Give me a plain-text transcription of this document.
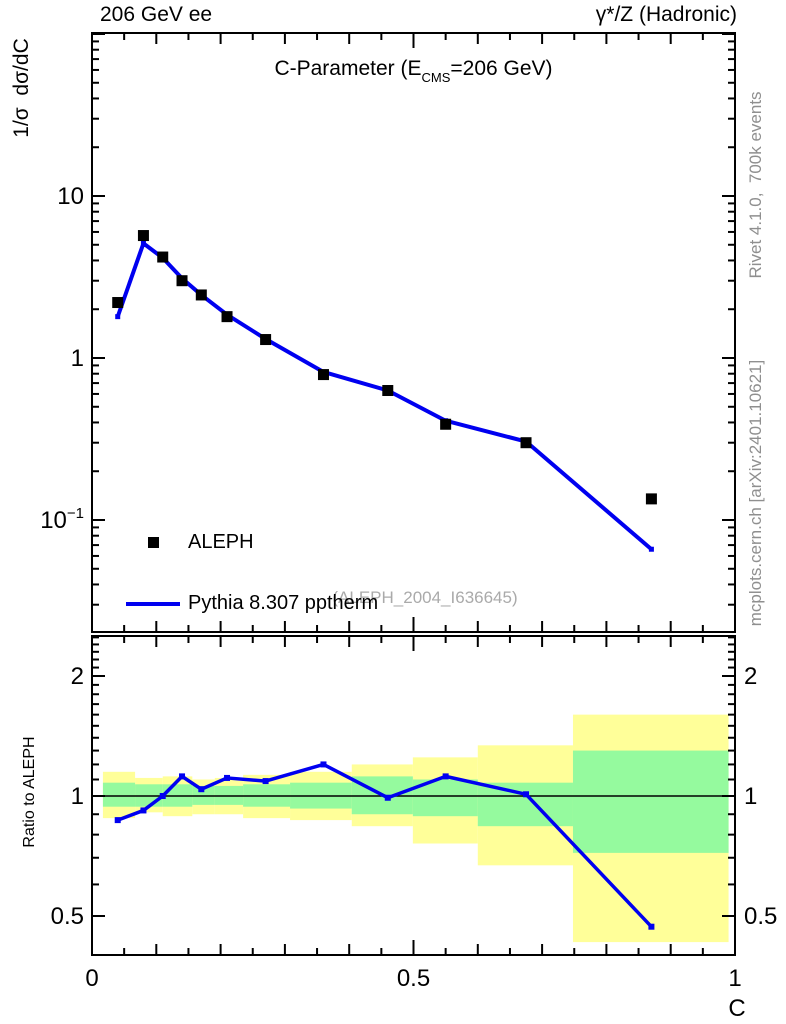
10
1
$10^{-1}$
2	2
1	1
0.5	0.5
0	0.5	1
C
206 GeV ee	γ*/Z (Hadronic)
C-Parameter ($E_{CMS}=206$ GeV)
1/σ  dσ/dC
Ratio to ALEPH
Rivet 4.1.0,  700k events
mcplots.cern.ch [arXiv:2401.10621]
(ALEPH_2004_I636645)

ALEPH

Pythia 8.307 pptherm
